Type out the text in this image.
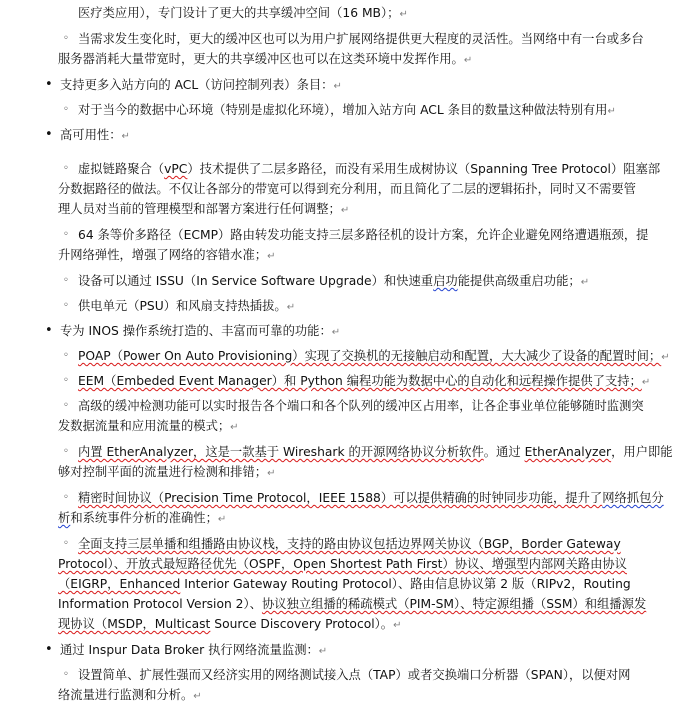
医疗类应用），专门设计了更大的共享缓冲空间（16 MB）；↵
◦ 当需求发生变化时，更大的缓冲区也可以为用户扩展网络提供更大程度的灵活性。当网络中有一台或多台
服务器消耗大量带宽时，更大的共享缓冲区也可以在这类环境中发挥作用。↵
• 支持更多入站方向的 ACL（访问控制列表）条目：↵
◦ 对于当今的数据中心环境（特别是虚拟化环境），增加入站方向 ACL 条目的数量这种做法特别有用↵
• 高可用性：↵
◦ 虚拟链路聚合（vPC）技术提供了二层多路径，而没有采用生成树协议（Spanning Tree Protocol）阻塞部
分数据路径的做法。不仅让各部分的带宽可以得到充分利用，而且简化了二层的逻辑拓扑，同时又不需要管
理人员对当前的管理模型和部署方案进行任何调整；↵
◦ 64 条等价多路径（ECMP）路由转发功能支持三层多路径机的设计方案，允许企业避免网络遭遇瓶颈，提
升网络弹性，增强了网络的容错水准；↵
◦ 设备可以通过 ISSU（In Service Software Upgrade）和快速重启功能提供高级重启功能；↵
◦ 供电单元（PSU）和风扇支持热插拔。↵
• 专为 INOS 操作系统打造的、丰富而可靠的功能：↵
◦ POAP（Power On Auto Provisioning）实现了交换机的无接触启动和配置，大大减少了设备的配置时间；↵
◦ EEM（Embeded Event Manager）和 Python 编程功能为数据中心的自动化和远程操作提供了支持；↵
◦ 高级的缓冲检测功能可以实时报告各个端口和各个队列的缓冲区占用率，让各企事业单位能够随时监测突
发数据流量和应用流量的模式；↵
◦ 内置 EtherAnalyzer，这是一款基于 Wireshark 的开源网络协议分析软件。通过 EtherAnalyzer，用户即能
够对控制平面的流量进行检测和排错；↵
◦ 精密时间协议（Precision Time Protocol，IEEE 1588）可以提供精确的时钟同步功能，提升了网络抓包分
析和系统事件分析的准确性；↵
◦ 全面支持三层单播和组播路由协议栈，支持的路由协议包括边界网关协议（BGP，Border Gateway
Protocol）、开放式最短路径优先（OSPF，Open Shortest Path First）协议、增强型内部网关路由协议
（EIGRP，Enhanced Interior Gateway Routing Protocol）、路由信息协议第 2 版（RIPv2，Routing
Information Protocol Version 2）、协议独立组播的稀疏模式（PIM-SM）、特定源组播（SSM）和组播源发
现协议（MSDP，Multicast Source Discovery Protocol）。↵
• 通过 Inspur Data Broker 执行网络流量监测：↵
◦ 设置简单、扩展性强而又经济实用的网络测试接入点（TAP）或者交换端口分析器（SPAN），以便对网
络流量进行监测和分析。↵
